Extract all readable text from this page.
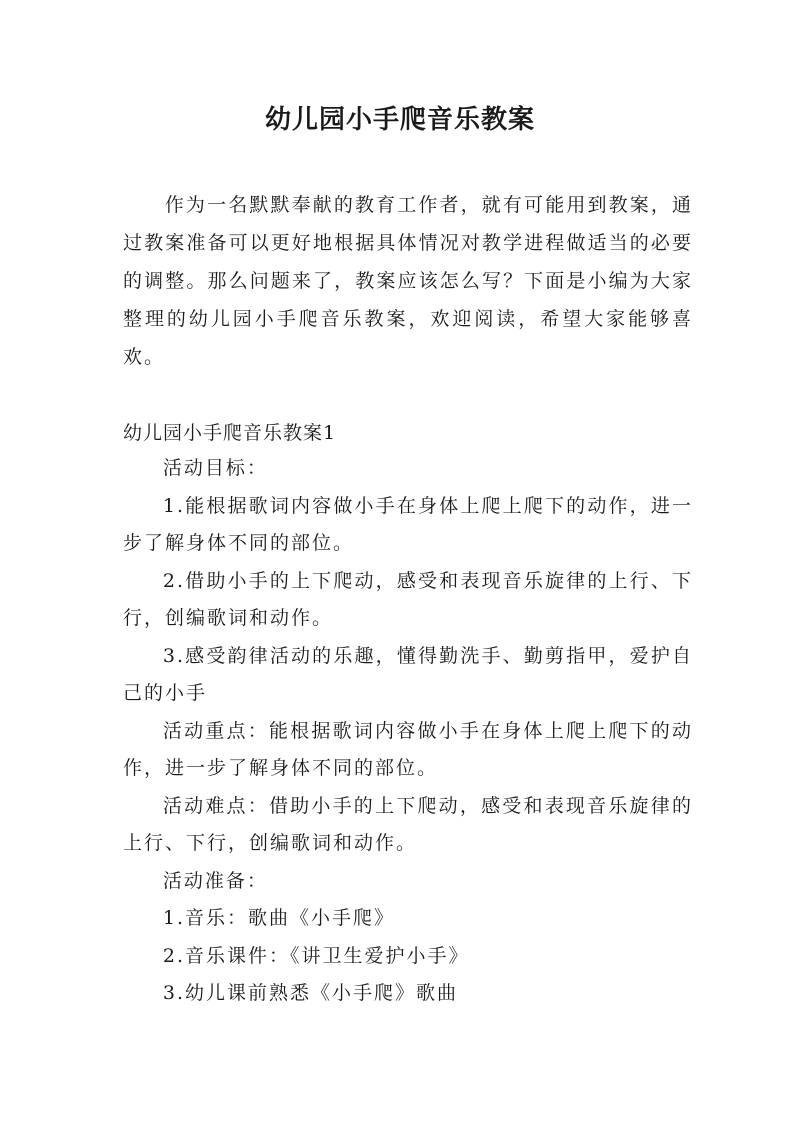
幼儿园小手爬音乐教案

作为一名默默奉献的教育工作者，就有可能用到教案，通过教案准备可以更好地根据具体情况对教学进程做适当的必要的调整。那么问题来了，教案应该怎么写？下面是小编为大家整理的幼儿园小手爬音乐教案，欢迎阅读，希望大家能够喜欢。

幼儿园小手爬音乐教案1

活动目标：

1.能根据歌词内容做小手在身体上爬上爬下的动作，进一步了解身体不同的部位。

2.借助小手的上下爬动，感受和表现音乐旋律的上行、下行，创编歌词和动作。

3.感受韵律活动的乐趣，懂得勤洗手、勤剪指甲，爱护自己的小手

活动重点：能根据歌词内容做小手在身体上爬上爬下的动作，进一步了解身体不同的部位。

活动难点：借助小手的上下爬动，感受和表现音乐旋律的上行、下行，创编歌词和动作。

活动准备：

1.音乐：歌曲《小手爬》

2.音乐课件：《讲卫生爱护小手》

3.幼儿课前熟悉《小手爬》歌曲
